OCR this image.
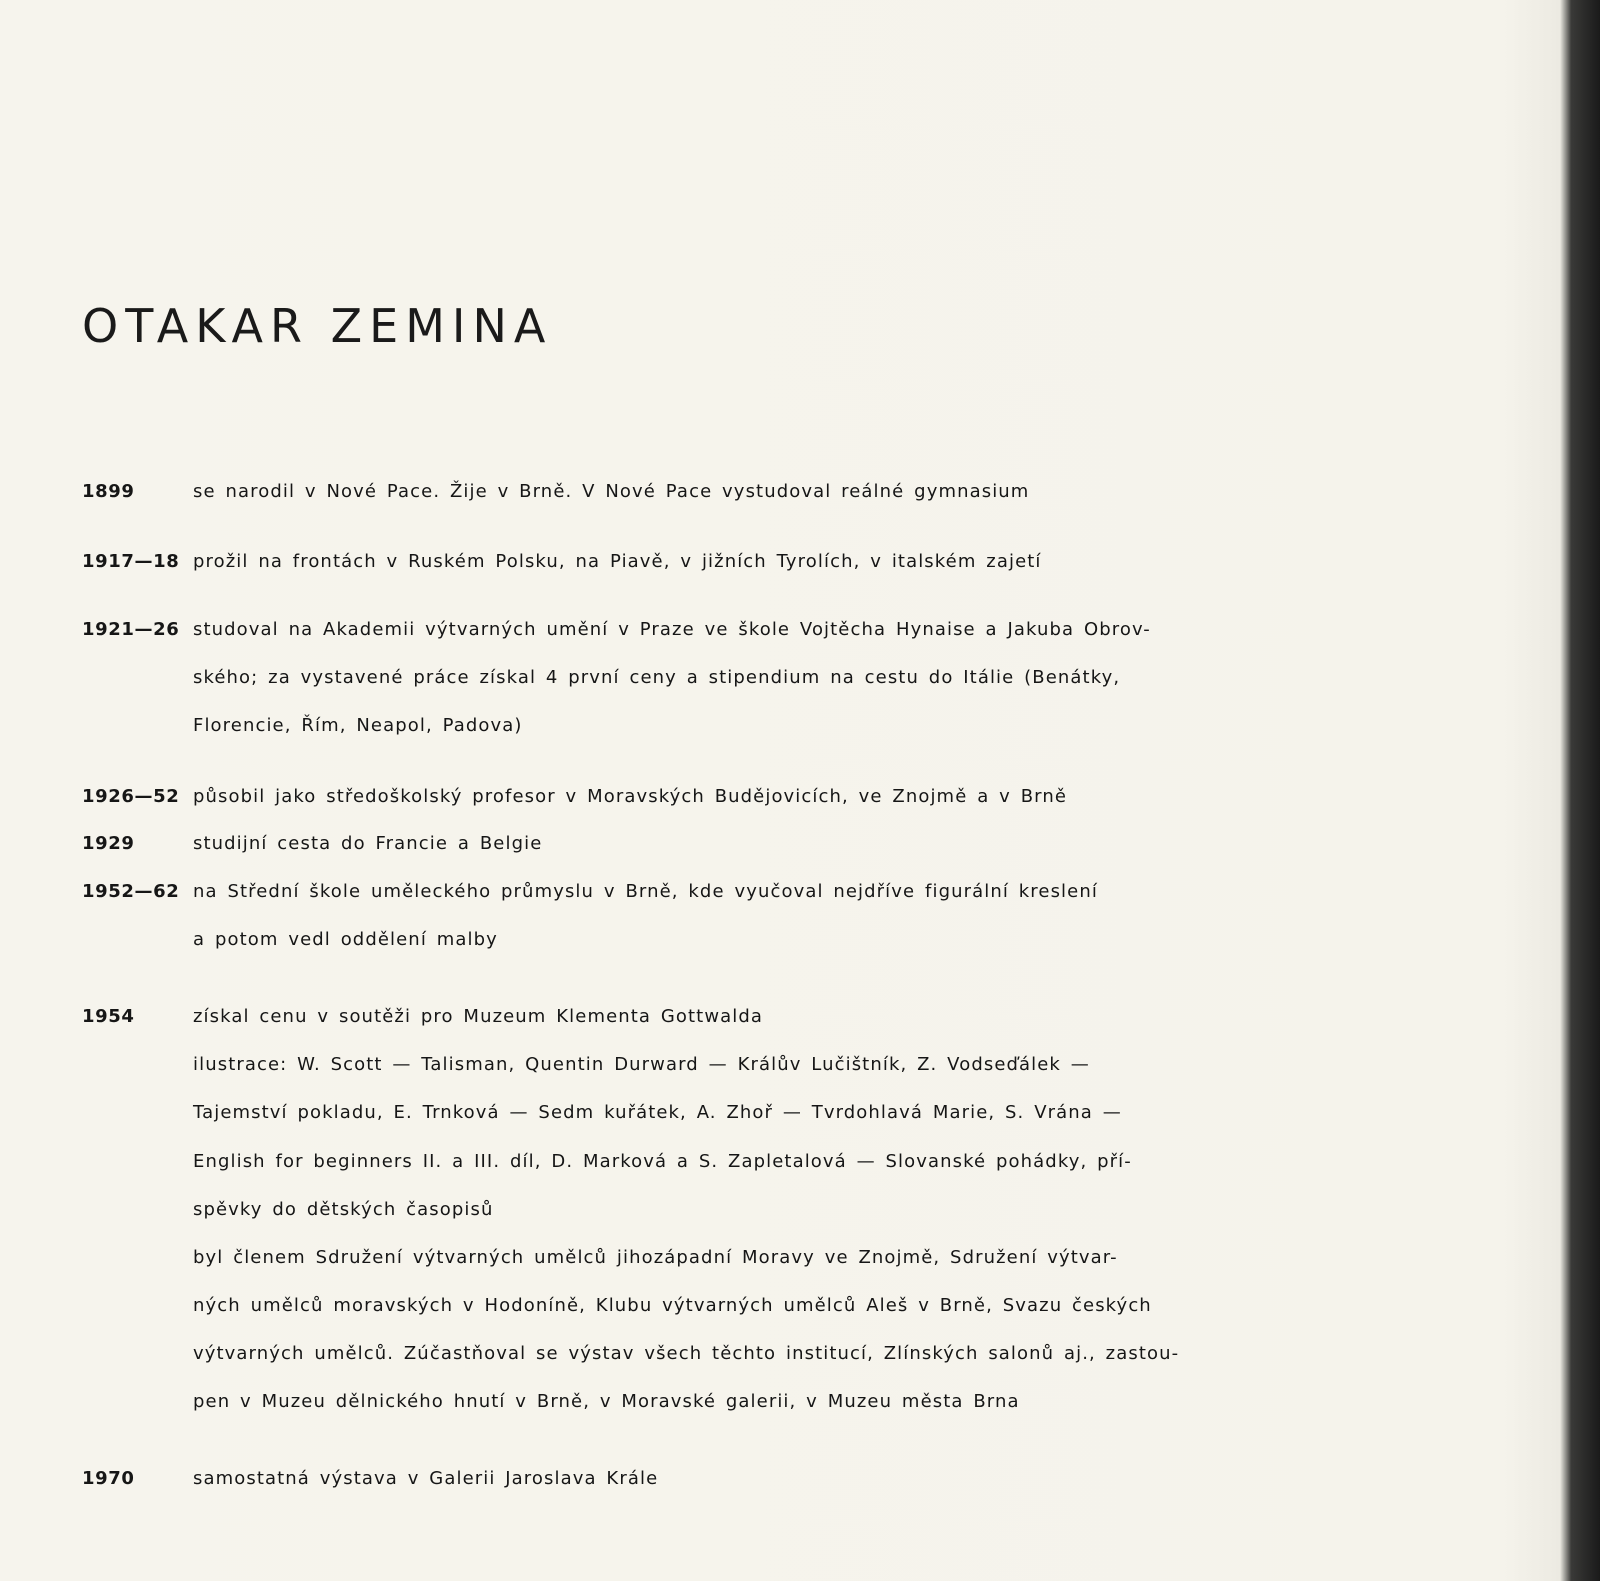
OTAKAR ZEMINA
1899	se narodil v Nové Pace. Žije v Brně. V Nové Pace vystudoval reálné gymnasium
1917—18 prožil na frontách v Ruském Polsku, na Piavě, v jižních Tyrolích, v italském zajetí
1921—26 studoval na Akademii výtvarných umění v Praze ve škole Vojtěcha Hynaise a Jakuba Obrov-
ského; za vystavené práce získal 4 první ceny a stipendium na cestu do Itálie (Benátky,
Florencie, Řím, Neapol, Padova)
1926—52 působil jako středoškolský profesor v Moravských Budějovicích, ve Znojmě a v Brně
1929	studijní cesta do Francie a Belgie
1952—62 na Střední škole uměleckého průmyslu v Brně, kde vyučoval nejdříve figurální kreslení
a potom vedl oddělení malby
1954	získal cenu v soutěži pro Muzeum Klementa Gottwalda
ilustrace: W. Scott — Talisman, Quentin Durward — Králův Lučištník, Z. Vodseďálek —
Tajemství pokladu, E. Trnková — Sedm kuřátek, A. Zhoř — Tvrdohlavá Marie, S. Vrána —
English for beginners II. a III. díl, D. Marková a S. Zapletalová — Slovanské pohádky, pří-
spěvky do dětských časopisů
byl členem Sdružení výtvarných umělců jihozápadní Moravy ve Znojmě, Sdružení výtvar-
ných umělců moravských v Hodoníně, Klubu výtvarných umělců Aleš v Brně, Svazu českých
výtvarných umělců. Zúčastňoval se výstav všech těchto institucí, Zlínských salonů aj., zastou-
pen v Muzeu dělnického hnutí v Brně, v Moravské galerii, v Muzeu města Brna
1970	samostatná výstava v Galerii Jaroslava Krále
